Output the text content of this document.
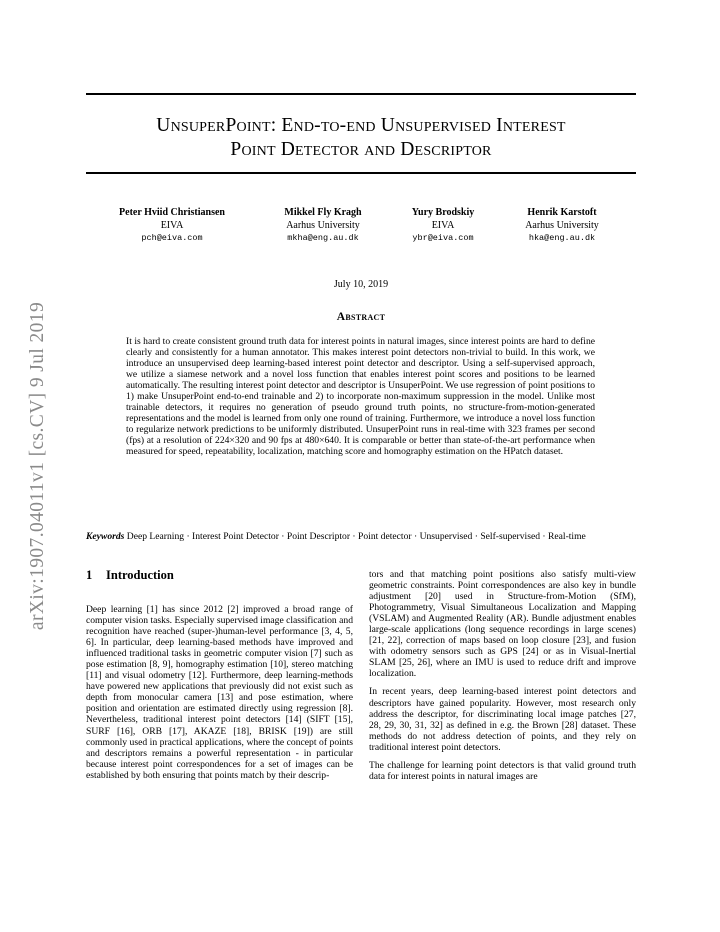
arXiv:1907.04011v1 [cs.CV] 9 Jul 2019
UnsuperPoint: End-to-end Unsupervised Interest
Point Detector and Descriptor
Peter Hviid Christiansen
EIVA
pch@eiva.com
Mikkel Fly Kragh
Aarhus University
mkha@eng.au.dk
Yury Brodskiy
EIVA
ybr@eiva.com
Henrik Karstoft
Aarhus University
hka@eng.au.dk
July 10, 2019
Abstract
It is hard to create consistent ground truth data for interest points in natural images, since interest points are hard to define clearly and consistently for a human annotator. This makes interest point detectors non-trivial to build. In this work, we introduce an unsupervised deep learning-based interest point detector and descriptor. Using a self-supervised approach, we utilize a siamese network and a novel loss function that enables interest point scores and positions to be learned automatically. The resulting interest point detector and descriptor is UnsuperPoint. We use regression of point positions to 1) make UnsuperPoint end-to-end trainable and 2) to incorporate non-maximum suppression in the model. Unlike most trainable detectors, it requires no generation of pseudo ground truth points, no structure-from-motion-generated representations and the model is learned from only one round of training. Furthermore, we introduce a novel loss function to regularize network predictions to be uniformly distributed. UnsuperPoint runs in real-time with 323 frames per second (fps) at a resolution of 224×320 and 90 fps at 480×640. It is comparable or better than state-of-the-art performance when measured for speed, repeatability, localization, matching score and homography estimation on the HPatch dataset.
Keywords Deep Learning · Interest Point Detector · Point Descriptor · Point detector · Unsupervised · Self-supervised · Real-time
1 Introduction

Deep learning [1] has since 2012 [2] improved a broad range of computer vision tasks. Especially supervised image classification and recognition have reached (super-)human-level performance [3, 4, 5, 6]. In particular, deep learning-based methods have improved and influenced traditional tasks in geometric computer vision [7] such as pose estimation [8, 9], homography estimation [10], stereo matching [11] and visual odometry [12]. Furthermore, deep learning-methods have powered new applications that previously did not exist such as depth from monocular camera [13] and pose estimation, where position and orientation are estimated directly using regression [8]. Nevertheless, traditional interest point detectors [14] (SIFT [15], SURF [16], ORB [17], AKAZE [18], BRISK [19]) are still commonly used in practical applications, where the concept of points and descriptors remains a powerful representation - in particular because interest point correspondences for a set of images can be established by both ensuring that points match by their descrip-

tors and that matching point positions also satisfy multi-view geometric constraints. Point correspondences are also key in bundle adjustment [20] used in Structure-from-Motion (SfM), Photogrammetry, Visual Simultaneous Localization and Mapping (VSLAM) and Augmented Reality (AR). Bundle adjustment enables large-scale applications (long sequence recordings in large scenes) [21, 22], correction of maps based on loop closure [23], and fusion with odometry sensors such as GPS [24] or as in Visual-Inertial SLAM [25, 26], where an IMU is used to reduce drift and improve localization.

In recent years, deep learning-based interest point detectors and descriptors have gained popularity. However, most research only address the descriptor, for discriminating local image patches [27, 28, 29, 30, 31, 32] as defined in e.g. the Brown [28] dataset. These methods do not address detection of points, and they rely on traditional interest point detectors.

The challenge for learning point detectors is that valid ground truth data for interest points in natural images are
